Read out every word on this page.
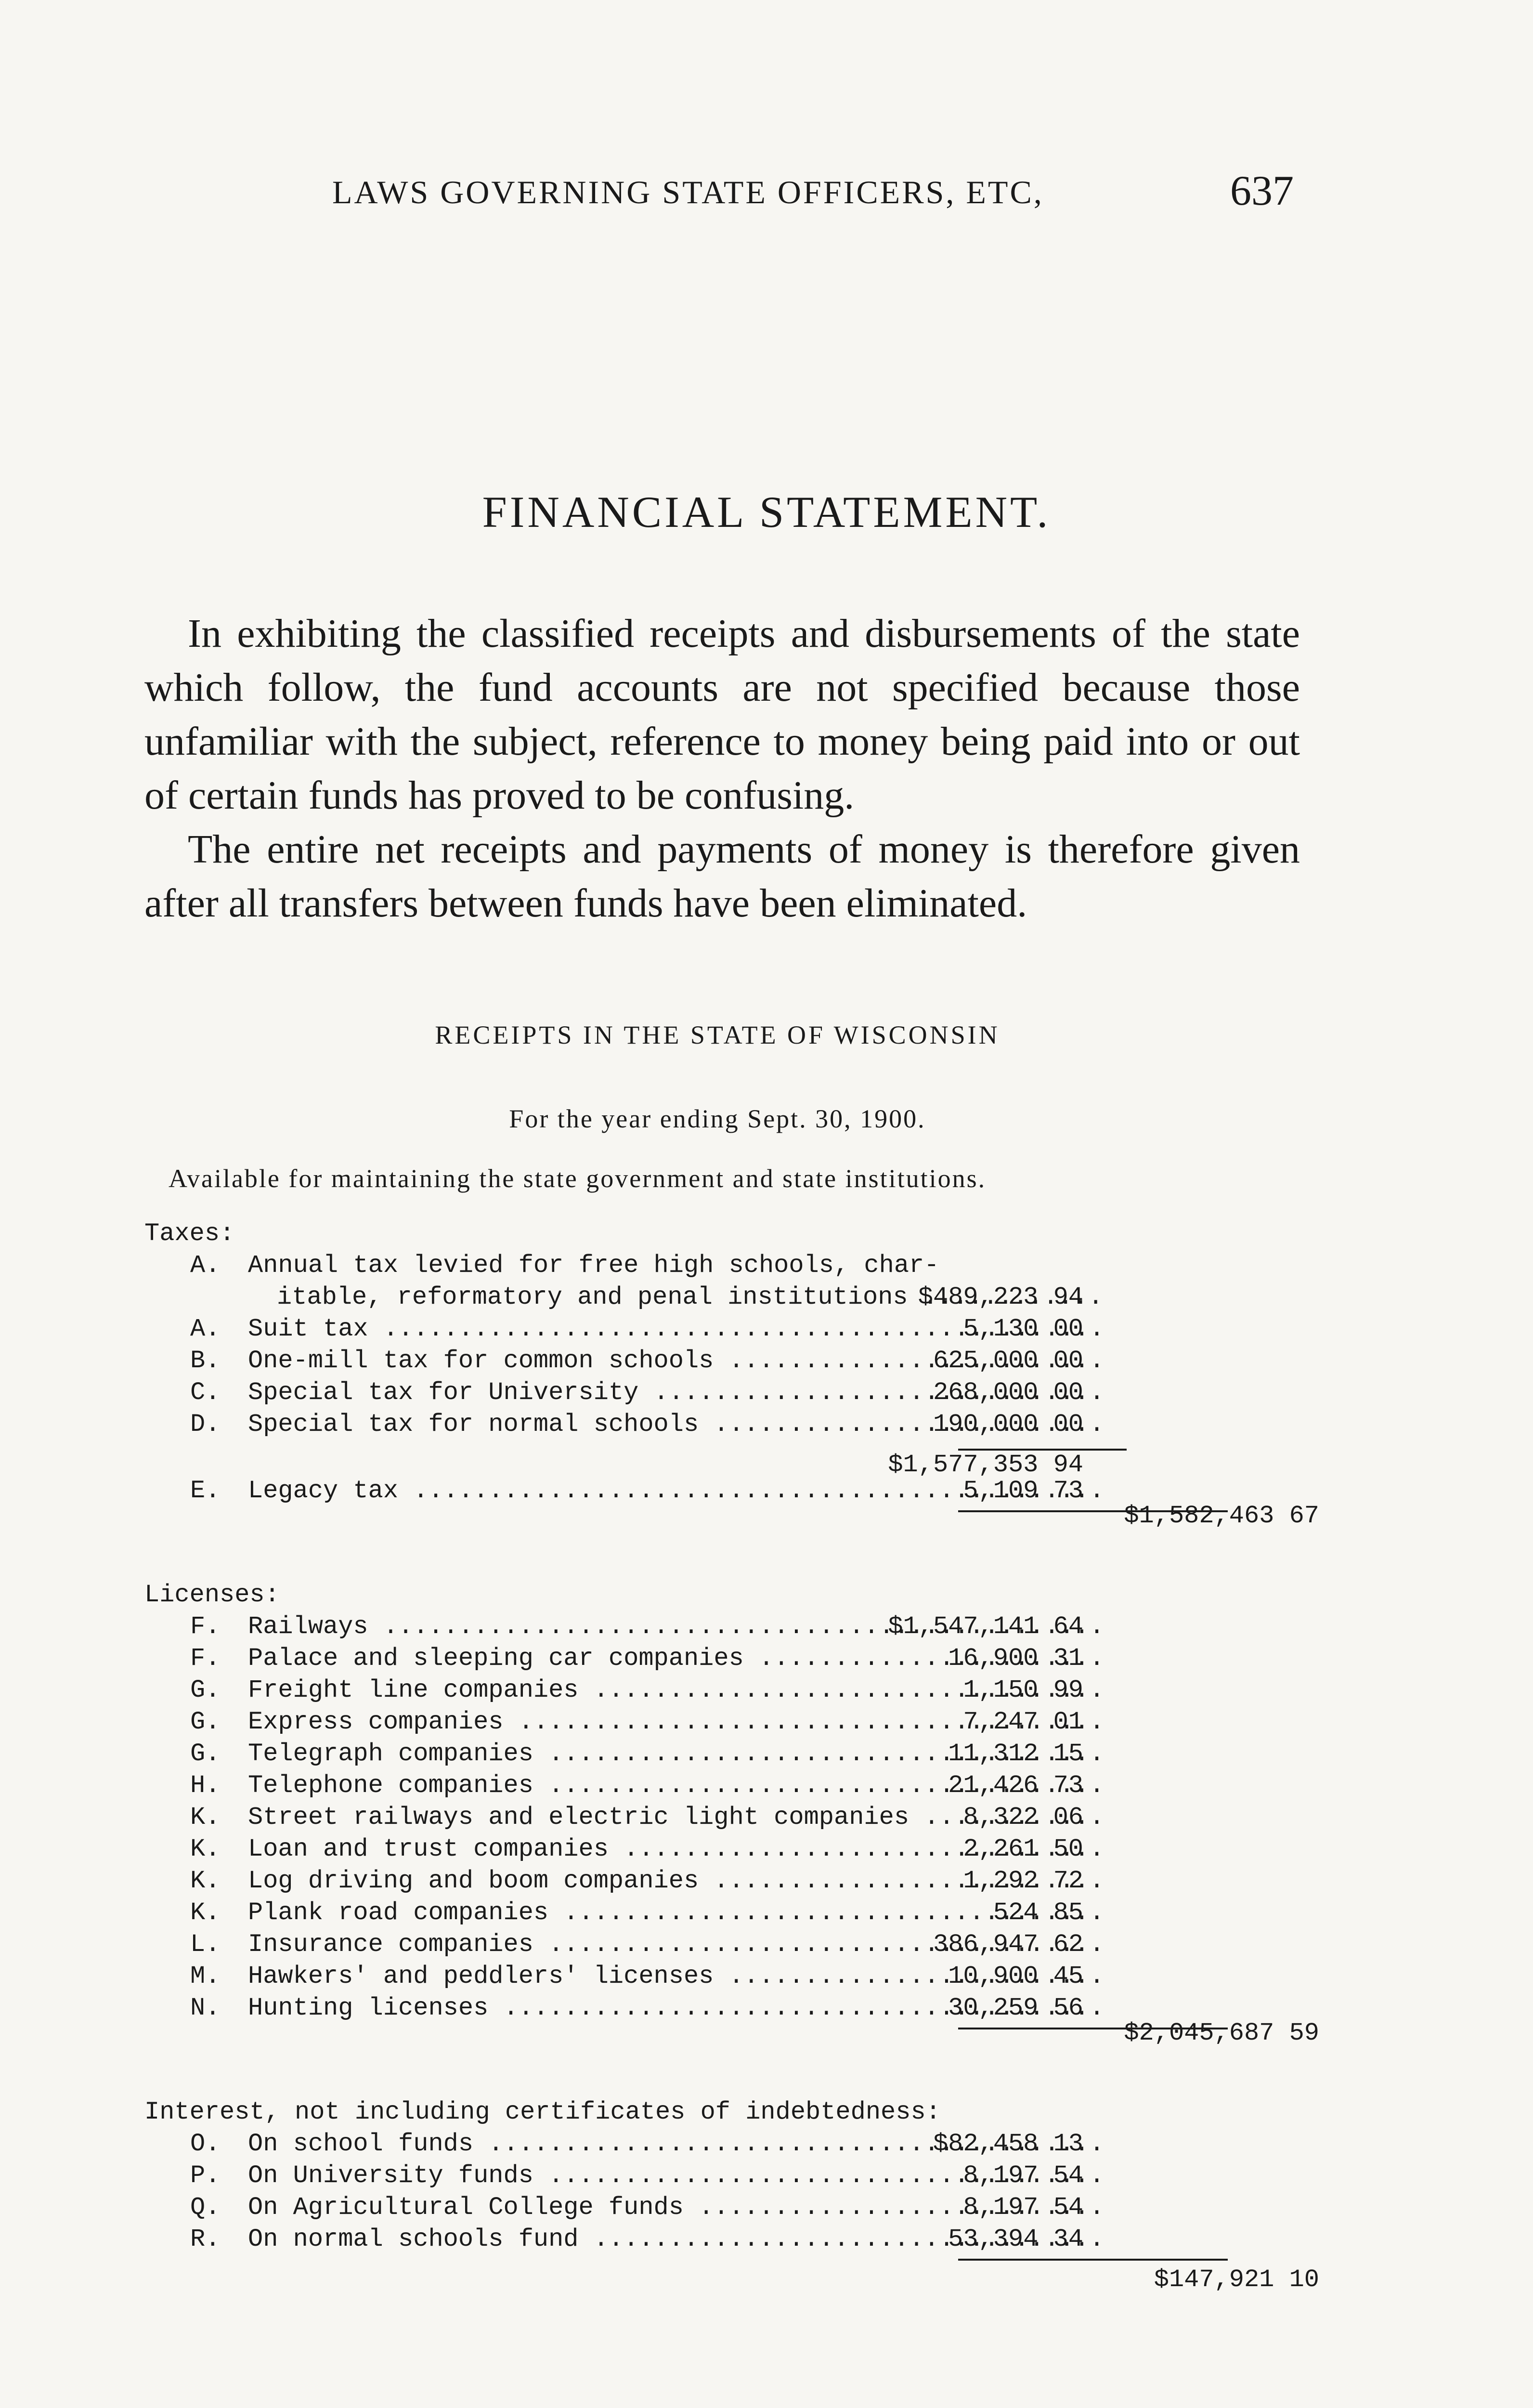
LAWS GOVERNING STATE OFFICERS, ETC,	637
FINANCIAL STATEMENT.

In exhibiting the classified receipts and disbursements of the state which follow, the fund accounts are not specified because those unfamiliar with the subject, reference to money being paid into or out of certain funds has proved to be confusing.

The entire net receipts and payments of money is therefore given after all transfers between funds have been eliminated.

RECEIPTS IN THE STATE OF WISCONSIN
For the year ending Sept. 30, 1900.
Available for maintaining the state government and state institutions.
Taxes:
A.	Annual tax levied for free high schools, char-
itable, reformatory and penal institutions ..... $489,223 94
A.	Suit tax .....	5,130 00
B.	One-mill tax for common schools .....	625,000 00
C.	Special tax for University .....	268,000 00
D.	Special tax for normal schools .....	190,000 00
$1,577,353 94
E.	Legacy tax .....	5,109 73
$1,582,463 67
Licenses:
F.	Railways .....	$1,547,141 64
F.	Palace and sleeping car companies .....	16,900 31
G.	Freight line companies .....	1,150 99
G.	Express companies .....	7,247 01
G.	Telegraph companies .....	11,312 15
H.	Telephone companies .....	21,426 73
K.	Street railways and electric light companies .....	8,322 06
K.	Loan and trust companies .....	2,261 50
K.	Log driving and boom companies .....	1,292 72
K.	Plank road companies .....	524 85
L.	Insurance companies .....	386,947 62
M.	Hawkers' and peddlers' licenses .....	10,900 45
N.	Hunting licenses .....	30,259 56
$2,045,687 59
Interest, not including certificates of indebtedness:
O.	On school funds .....	$82,458 13
P.	On University funds .....	8,197 54
Q.	On Agricultural College funds .....	8,197 54
R.	On normal schools fund .....	53,394 34
$147,921 10
